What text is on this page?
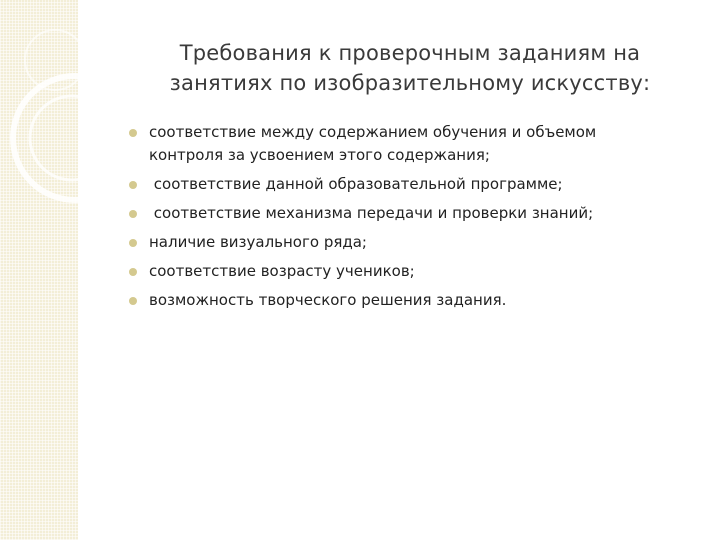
Требования к проверочным заданиям на
занятиях по изобразительному искусству:
соответствие между содержанием обучения и объемом
контроля за усвоением этого содержания;
соответствие данной образовательной программе;
соответствие механизма передачи и проверки знаний;
наличие визуального ряда;
соответствие возрасту учеников;
возможность творческого решения задания.
